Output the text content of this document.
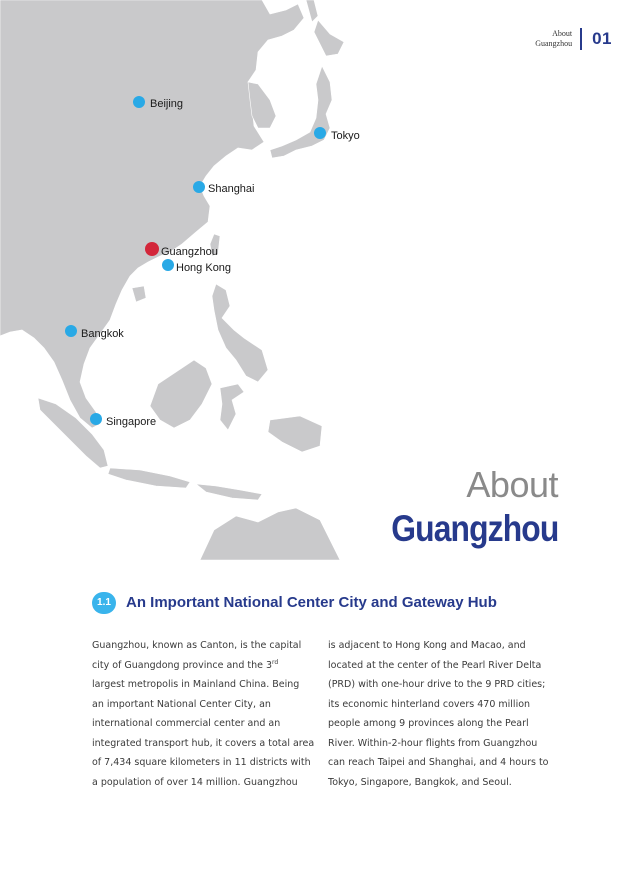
Beijing
Tokyo
Shanghai
Guangzhou
Hong Kong
Bangkok
Singapore
About
Guangzhou 01
About
Guangzhou
1.1	An Important National Center City and Gateway Hub
Guangzhou, known as Canton, is the capital
city of Guangdong province and the 3rd
largest metropolis in Mainland China. Being
an important National Center City, an
international commercial center and an
integrated transport hub, it covers a total area
of 7,434 square kilometers in 11 districts with
a population of over 14 million. Guangzhou
is adjacent to Hong Kong and Macao, and
located at the center of the Pearl River Delta
(PRD) with one-hour drive to the 9 PRD cities;
its economic hinterland covers 470 million
people among 9 provinces along the Pearl
River. Within-2-hour flights from Guangzhou
can reach Taipei and Shanghai, and 4 hours to
Tokyo, Singapore, Bangkok, and Seoul.
